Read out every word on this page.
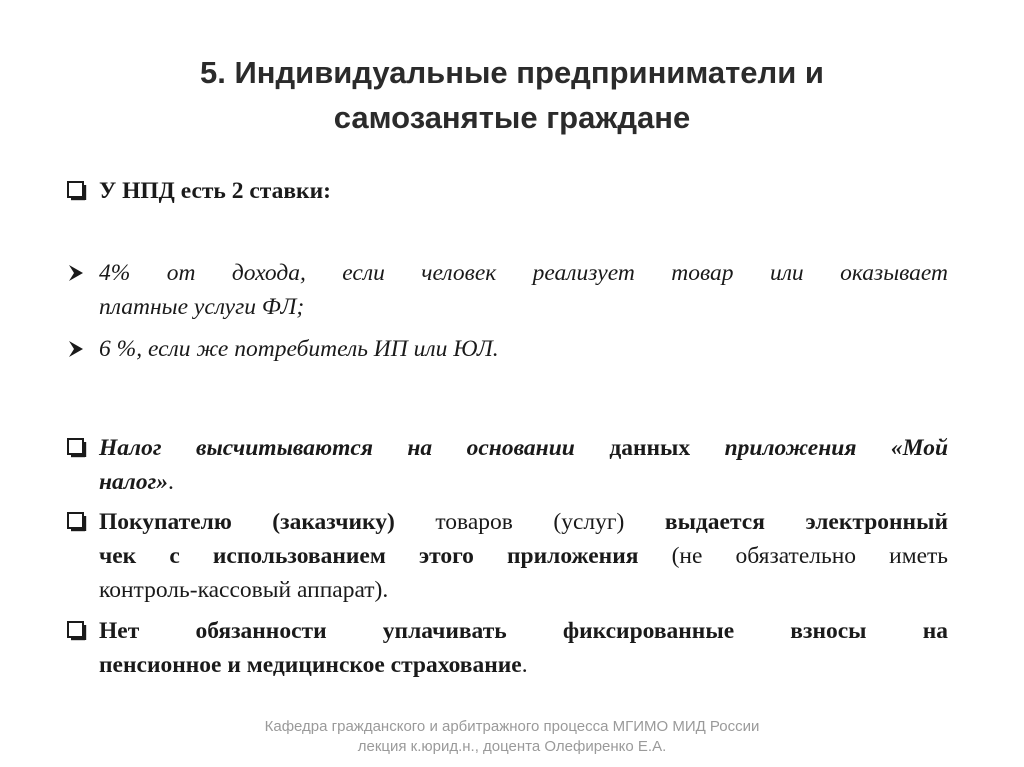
5. Индивидуальные предприниматели и
самозанятые граждане
У НПД есть 2 ставки:
4% от дохода, если человек реализует товар или оказывает
платные услуги ФЛ;
6 %, если же потребитель ИП или ЮЛ.
Налог высчитываются на основании данных приложения «Мой
налог».
Покупателю (заказчику) товаров (услуг) выдается электронный
чек с использованием этого приложения (не обязательно иметь
контроль-кассовый аппарат).
Нет обязанности уплачивать фиксированные взносы на
пенсионное и медицинское страхование.
Кафедра гражданского и арбитражного процесса МГИМО МИД России
лекция к.юрид.н., доцента Олефиренко Е.А.
